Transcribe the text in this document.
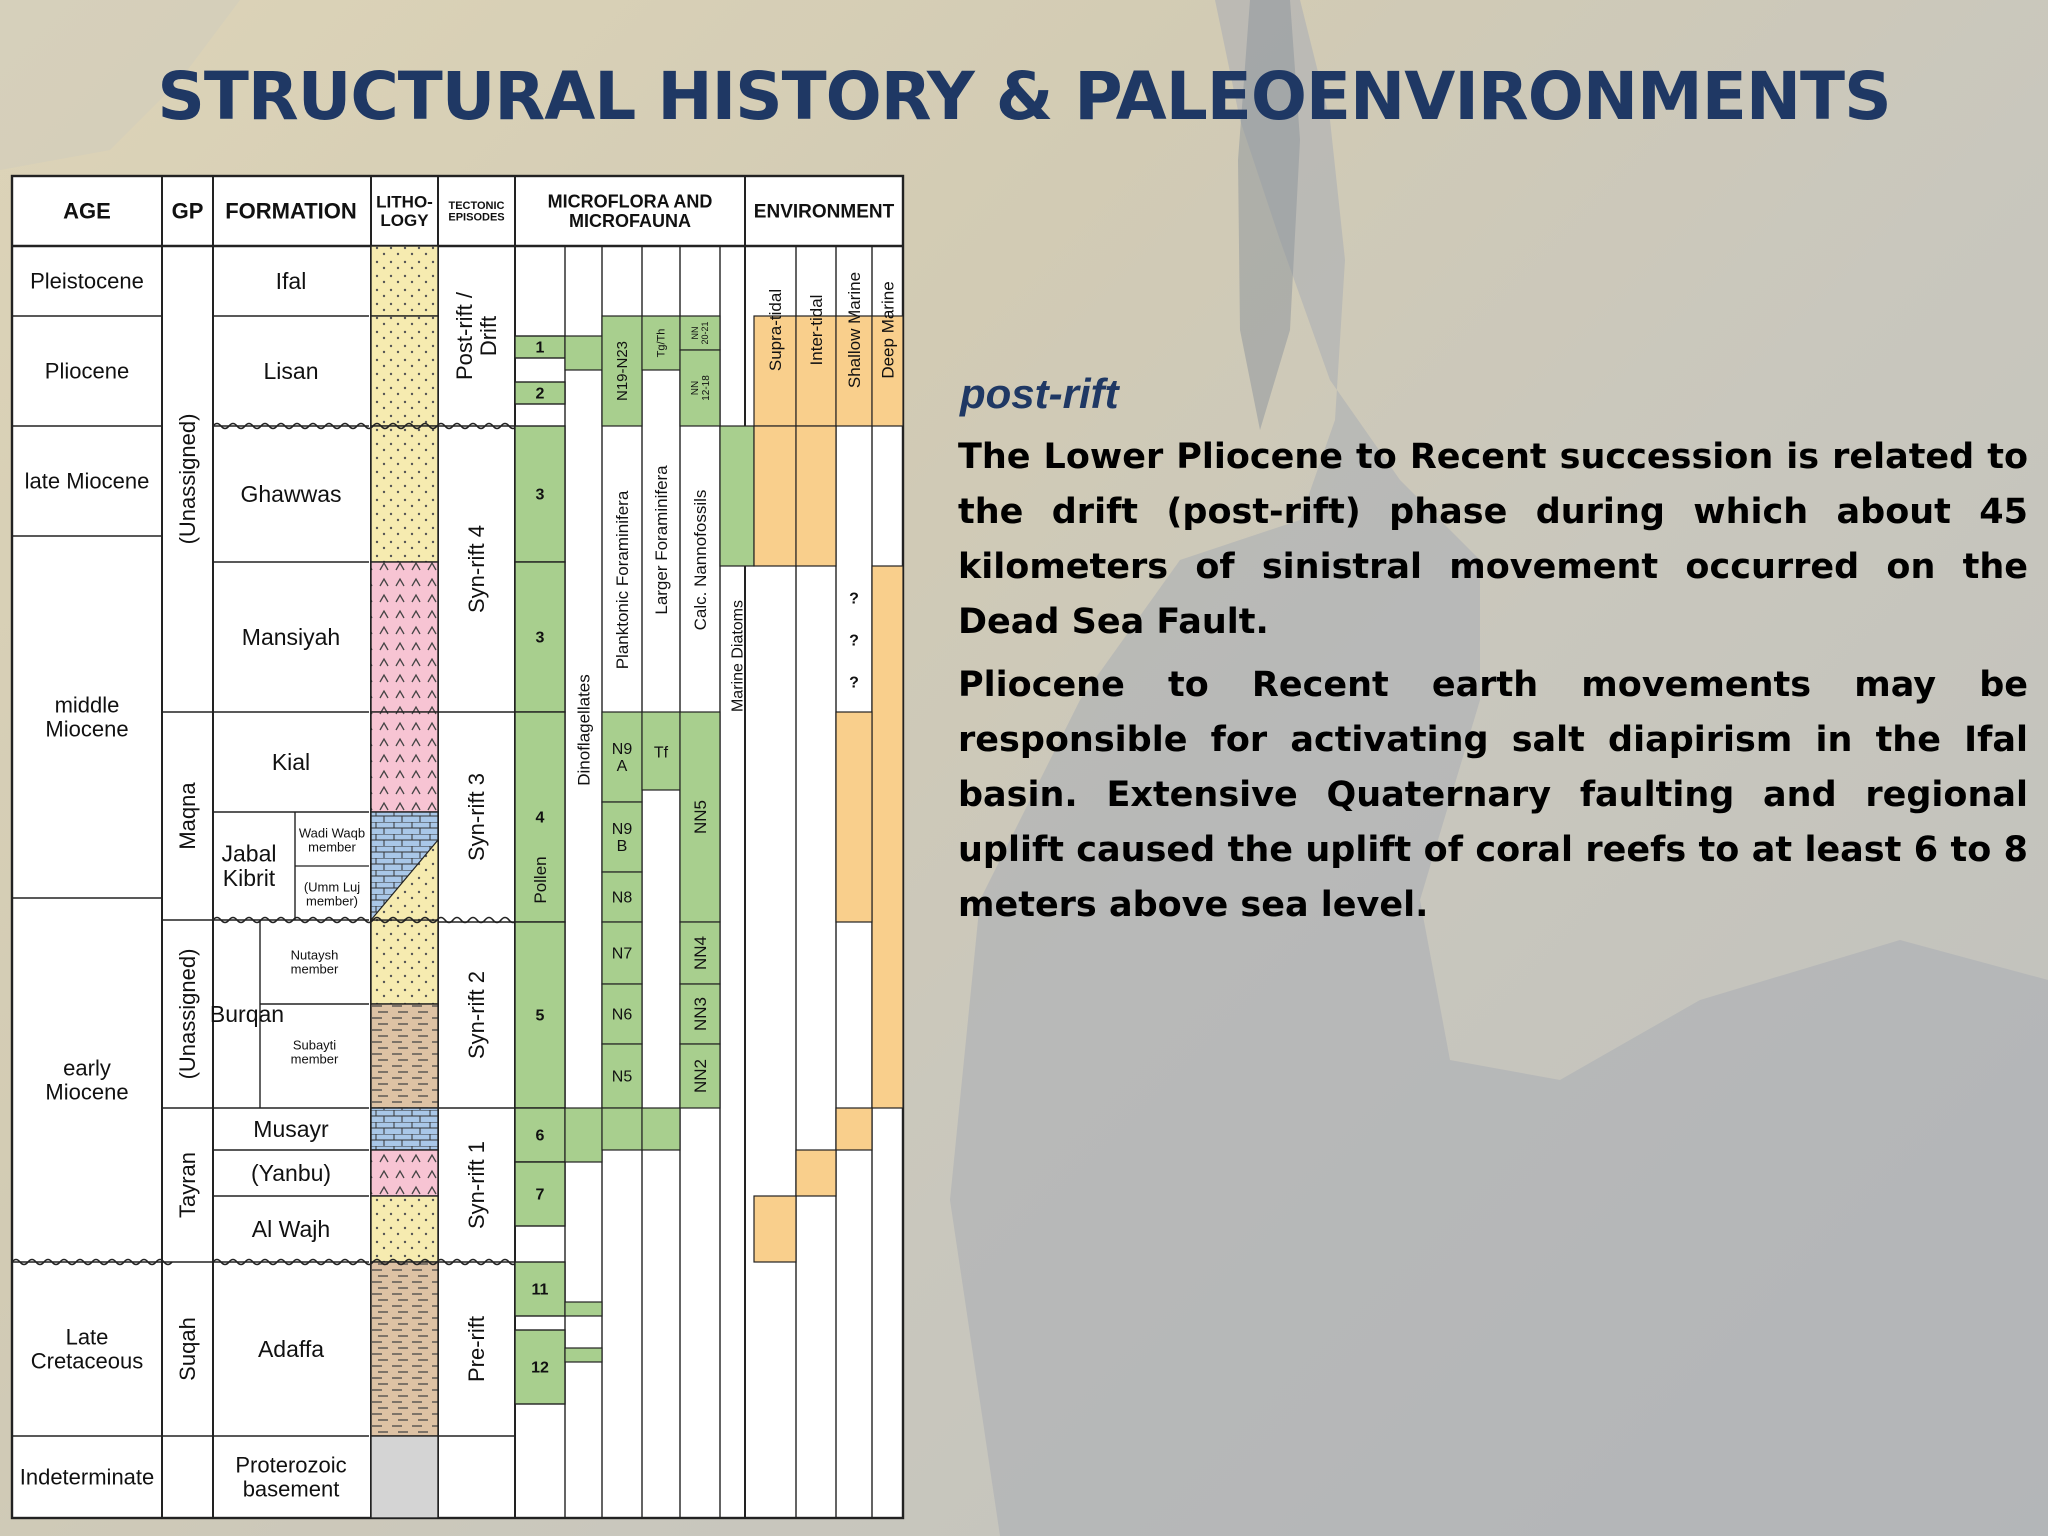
STRUCTURAL HISTORY & PALEOENVIRONMENTS
AGE	GP FORMATION LITHO-LOGY
TECTONIC EPISODES
MICROFLORA AND MICROFAUNA	ENVIRONMENT
Pleistocene
Pliocene
late Miocene
middle Miocene
early Miocene
Late Cretaceous
Indeterminate
(Unassigned)
Maqna
(Unassigned)
Tayran
Suqah
Ifal
Lisan
Ghawwas
Mansiyah
Kial
Jabal Kibrit
Burqan
Musayr
(Yanbu)
Al Wajh
Adaffa
Proterozoic basement
Wadi Waqb member
(Umm Luj member)
Nutaysh member
Subayti member
Post-rift /Drift
Syn-rift 4
Syn-rift 3
Syn-rift 2
Syn-rift 1
Pre-rift
1
2
3
3
4
5
6
7
11
12
Pollen
Dinoflagellates
N19-N23
N9 A
N9 B
N8
N7
N6
N5
Planktonic Foraminifera
Tg/Th
Tf
Larger Foraminifera
NN20-21
NN12-18
NN5
NN4
NN3
NN2
Calc. Nannofossils
Marine Diatoms
?
?
?
Supra-tidal Inter-tidal Shallow Marine Deep Marine
post-rift

The Lower Pliocene to Recent succession is related to the drift (post-rift) phase during which about 45 kilometers of sinistral movement occurred on the Dead Sea Fault.

Pliocene to Recent earth movements may be responsible for activating salt diapirism in the Ifal basin. Extensive Quaternary faulting and regional uplift caused the uplift of coral reefs to at least 6 to 8 meters above sea level.
